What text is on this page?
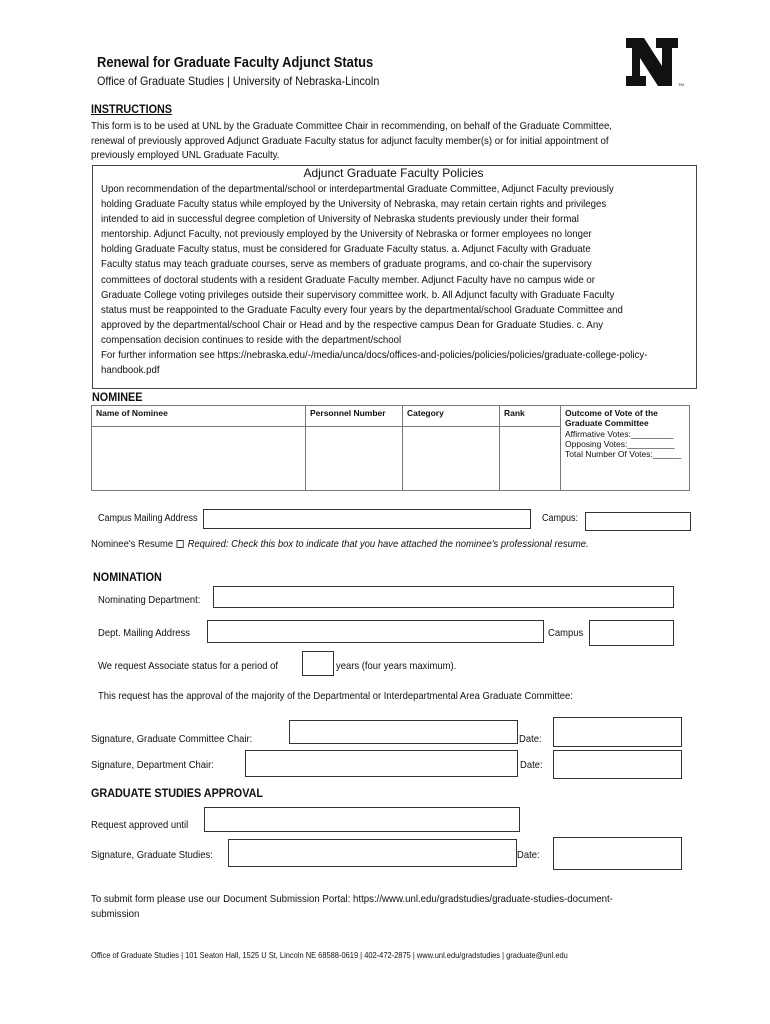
Renewal for Graduate Faculty Adjunct Status
Office of Graduate Studies | University of Nebraska-Lincoln	TM
INSTRUCTIONS
This form is to be used at UNL by the Graduate Committee Chair in recommending, on behalf of the Graduate Committee,
renewal of previously approved Adjunct Graduate Faculty status for adjunct faculty member(s) or for initial appointment of
previously employed UNL Graduate Faculty.
Adjunct Graduate Faculty Policies
Upon recommendation of the departmental/school or interdepartmental Graduate Committee, Adjunct Faculty previously
holding Graduate Faculty status while employed by the University of Nebraska, may retain certain rights and privileges
intended to aid in successful degree completion of University of Nebraska students previously under their formal
mentorship. Adjunct Faculty, not previously employed by the University of Nebraska or former employees no longer
holding Graduate Faculty status, must be considered for Graduate Faculty status. a. Adjunct Faculty with Graduate
Faculty status may teach graduate courses, serve as members of graduate programs, and co-chair the supervisory
committees of doctoral students with a resident Graduate Faculty member. Adjunct Faculty have no campus wide or
Graduate College voting privileges outside their supervisory committee work. b. All Adjunct faculty with Graduate Faculty
status must be reappointed to the Graduate Faculty every four years by the departmental/school Graduate Committee and
approved by the departmental/school Chair or Head and by the respective campus Dean for Graduate Studies. c. Any
compensation decision continues to reside with the department/school
For further information see https://nebraska.edu/-/media/unca/docs/offices-and-policies/policies/policies/graduate-college-policy-
handbook.pdf
NOMINEE
Name of Nominee	Personnel Number	Category	Rank	Outcome of Vote of the Graduate Committee
Affirmative Votes:_________
Opposing Votes:__________
Total Number Of Votes:______

Campus Mailing Address	Campus:
Nominee's Resume Required: Check this box to indicate that you have attached the nominee's professional resume.
NOMINATION
Nominating Department:
Dept. Mailing Address	Campus
We request Associate status for a period of	years (four years maximum).
This request has the approval of the majority of the Departmental or Interdepartmental Area Graduate Committee:
Signature, Graduate Committee Chair:	Date:
Signature, Department Chair:	Date:
GRADUATE STUDIES APPROVAL
Request approved until
Signature, Graduate Studies:	Date:
To submit form please use our Document Submission Portal: https://www.unl.edu/gradstudies/graduate-studies-document-
submission
Office of Graduate Studies | 101 Seaton Hall, 1525 U St, Lincoln NE 68588-0619 | 402-472-2875 | www.unl.edu/gradstudies | graduate@unl.edu
